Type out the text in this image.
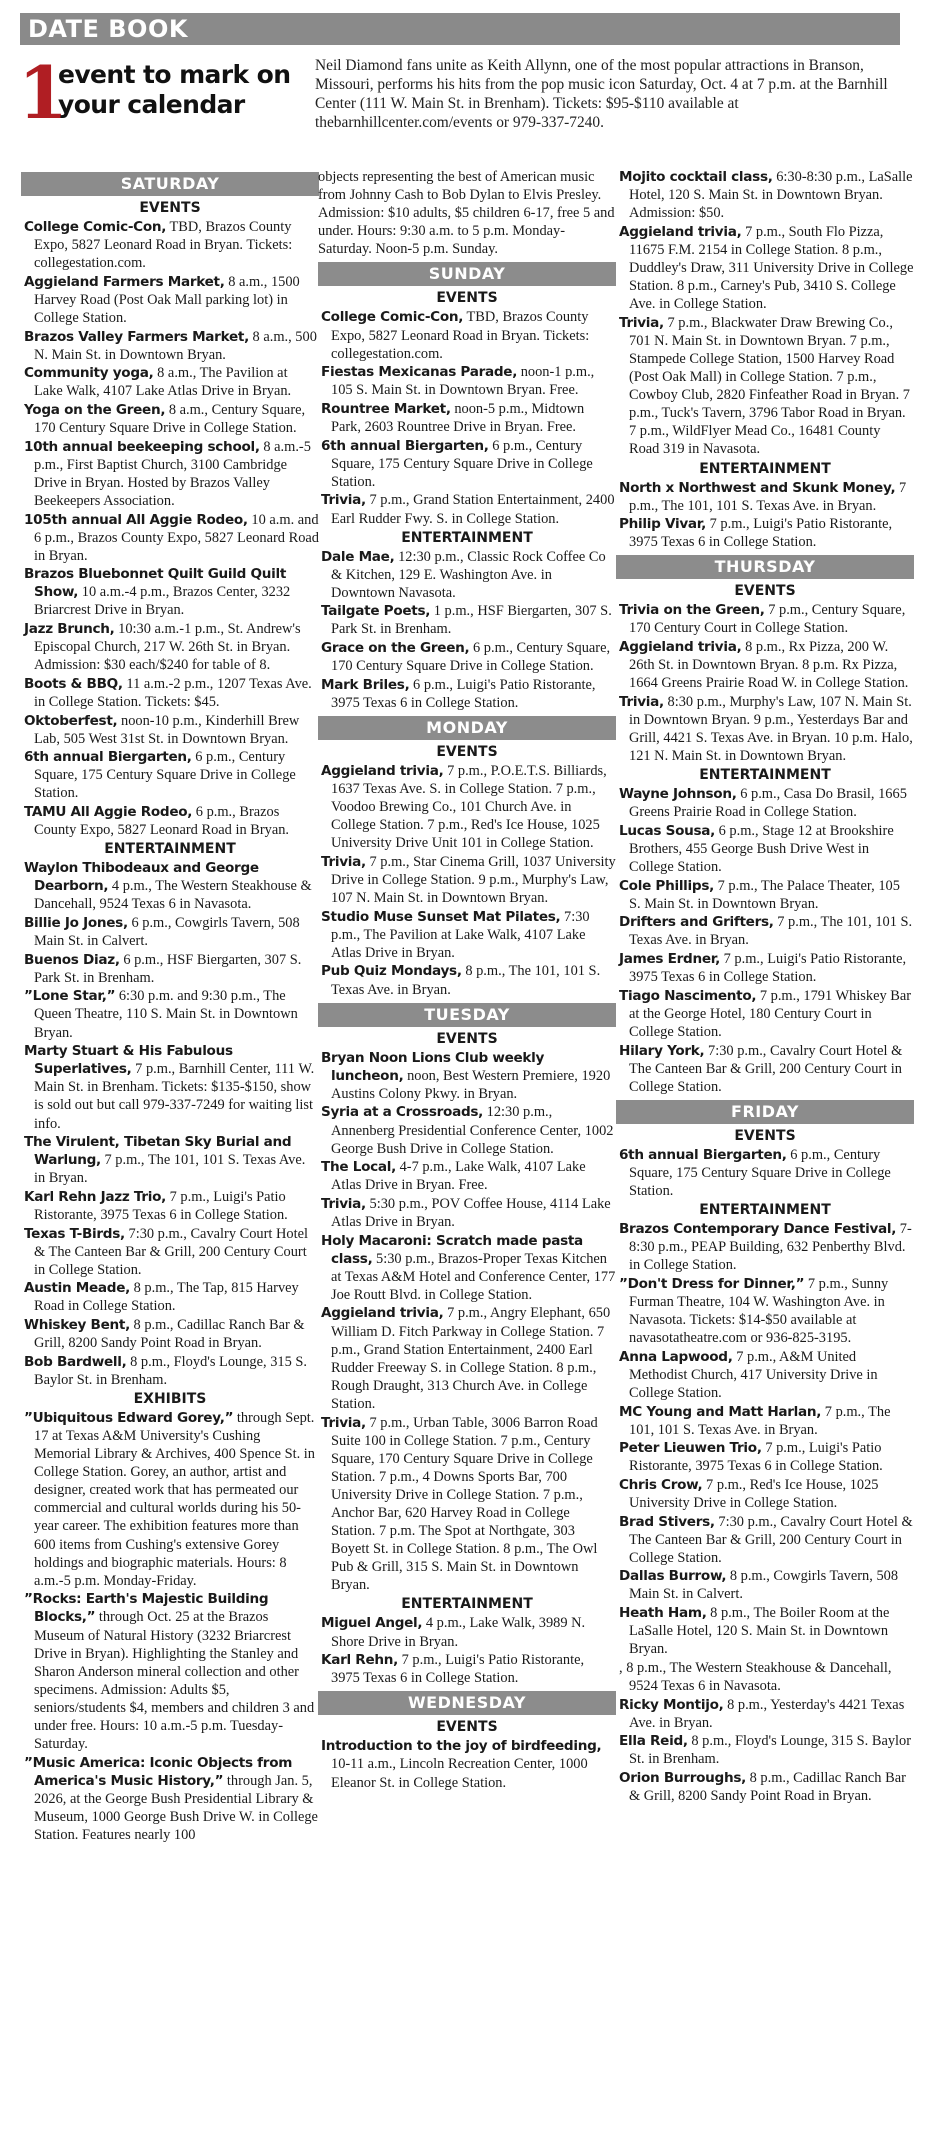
DATE BOOK
1
event to mark on
your calendar
Neil Diamond fans unite as Keith Allynn, one of the most popular attractions in Branson, Missouri, performs his hits from the pop music icon Saturday, Oct. 4 at 7 p.m. at the Barnhill Center (111 W. Main St. in Brenham). Tickets: $95-$110 available at thebarnhillcenter.com/events or 979-337-7240.
SATURDAY
EVENTS
College Comic-Con, TBD, Brazos County Expo, 5827 Leonard Road in Bryan. Tickets: collegestation.com.
Aggieland Farmers Market, 8 a.m., 1500 Harvey Road (Post Oak Mall parking lot) in College Station.
Brazos Valley Farmers Market, 8 a.m., 500 N. Main St. in Downtown Bryan.
Community yoga, 8 a.m., The Pavilion at Lake Walk, 4107 Lake Atlas Drive in Bryan.
Yoga on the Green, 8 a.m., Century Square, 170 Century Square Drive in College Station.
10th annual beekeeping school, 8 a.m.-5 p.m., First Baptist Church, 3100 Cambridge Drive in Bryan. Hosted by Brazos Valley Beekeepers Association.
105th annual All Aggie Rodeo, 10 a.m. and 6 p.m., Brazos County Expo, 5827 Leonard Road in Bryan.
Brazos Bluebonnet Quilt Guild Quilt Show, 10 a.m.-4 p.m., Brazos Center, 3232 Briarcrest Drive in Bryan.
Jazz Brunch, 10:30 a.m.-1 p.m., St. Andrew's Episcopal Church, 217 W. 26th St. in Bryan. Admission: $30 each/$240 for table of 8.
Boots & BBQ, 11 a.m.-2 p.m., 1207 Texas Ave. in College Station. Tickets: $45.
Oktoberfest, noon-10 p.m., Kinderhill Brew Lab, 505 West 31st St. in Downtown Bryan.
6th annual Biergarten, 6 p.m., Century Square, 175 Century Square Drive in College Station.
TAMU All Aggie Rodeo, 6 p.m., Brazos County Expo, 5827 Leonard Road in Bryan.
ENTERTAINMENT
Waylon Thibodeaux and George Dearborn, 4 p.m., The Western Steakhouse & Dancehall, 9524 Texas 6 in Navasota.
Billie Jo Jones, 6 p.m., Cowgirls Tavern, 508 Main St. in Calvert.
Buenos Diaz, 6 p.m., HSF Biergarten, 307 S. Park St. in Brenham.
”Lone Star,” 6:30 p.m. and 9:30 p.m., The Queen Theatre, 110 S. Main St. in Downtown Bryan.
Marty Stuart & His Fabulous Superlatives, 7 p.m., Barnhill Center, 111 W. Main St. in Brenham. Tickets: $135-$150, show is sold out but call 979-337-7249 for waiting list info.
The Virulent, Tibetan Sky Burial and Warlung, 7 p.m., The 101, 101 S. Texas Ave. in Bryan.
Karl Rehn Jazz Trio, 7 p.m., Luigi's Patio Ristorante, 3975 Texas 6 in College Station.
Texas T-Birds, 7:30 p.m., Cavalry Court Hotel & The Canteen Bar & Grill, 200 Century Court in College Station.
Austin Meade, 8 p.m., The Tap, 815 Harvey Road in College Station.
Whiskey Bent, 8 p.m., Cadillac Ranch Bar & Grill, 8200 Sandy Point Road in Bryan.
Bob Bardwell, 8 p.m., Floyd's Lounge, 315 S. Baylor St. in Brenham.
EXHIBITS
”Ubiquitous Edward Gorey,” through Sept. 17 at Texas A&M University's Cushing Memorial Library & Archives, 400 Spence St. in College Station. Gorey, an author, artist and designer, created work that has permeated our commercial and cultural worlds during his 50-year career. The exhibition features more than 600 items from Cushing's extensive Gorey holdings and biographic materials. Hours: 8 a.m.-5 p.m. Monday-Friday.
”Rocks: Earth's Majestic Building Blocks,” through Oct. 25 at the Brazos Museum of Natural History (3232 Briarcrest Drive in Bryan). Highlighting the Stanley and Sharon Anderson mineral collection and other specimens. Admission: Adults $5, seniors/students $4, members and children 3 and under free. Hours: 10 a.m.-5 p.m. Tuesday-Saturday.
”Music America: Iconic Objects from America's Music History,” through Jan. 5, 2026, at the George Bush Presidential Library & Museum, 1000 George Bush Drive W. in College Station. Features nearly 100
objects representing the best of American music from Johnny Cash to Bob Dylan to Elvis Presley. Admission: $10 adults, $5 children 6-17, free 5 and under. Hours: 9:30 a.m. to 5 p.m. Monday-Saturday. Noon-5 p.m. Sunday.
SUNDAY
EVENTS
College Comic-Con, TBD, Brazos County Expo, 5827 Leonard Road in Bryan. Tickets: collegestation.com.
Fiestas Mexicanas Parade, noon-1 p.m., 105 S. Main St. in Downtown Bryan. Free.
Rountree Market, noon-5 p.m., Midtown Park, 2603 Rountree Drive in Bryan. Free.
6th annual Biergarten, 6 p.m., Century Square, 175 Century Square Drive in College Station.
Trivia, 7 p.m., Grand Station Entertainment, 2400 Earl Rudder Fwy. S. in College Station.
ENTERTAINMENT
Dale Mae, 12:30 p.m., Classic Rock Coffee Co & Kitchen, 129 E. Washington Ave. in Downtown Navasota.
Tailgate Poets, 1 p.m., HSF Biergarten, 307 S. Park St. in Brenham.
Grace on the Green, 6 p.m., Century Square, 170 Century Square Drive in College Station.
Mark Briles, 6 p.m., Luigi's Patio Ristorante, 3975 Texas 6 in College Station.
MONDAY
EVENTS
Aggieland trivia, 7 p.m., P.O.E.T.S. Billiards, 1637 Texas Ave. S. in College Station. 7 p.m., Voodoo Brewing Co., 101 Church Ave. in College Station. 7 p.m., Red's Ice House, 1025 University Drive Unit 101 in College Station.
Trivia, 7 p.m., Star Cinema Grill, 1037 University Drive in College Station. 9 p.m., Murphy's Law, 107 N. Main St. in Downtown Bryan.
Studio Muse Sunset Mat Pilates, 7:30 p.m., The Pavilion at Lake Walk, 4107 Lake Atlas Drive in Bryan.
Pub Quiz Mondays, 8 p.m., The 101, 101 S. Texas Ave. in Bryan.
TUESDAY
EVENTS
Bryan Noon Lions Club weekly luncheon, noon, Best Western Premiere, 1920 Austins Colony Pkwy. in Bryan.
Syria at a Crossroads, 12:30 p.m., Annenberg Presidential Conference Center, 1002 George Bush Drive in College Station.
The Local, 4-7 p.m., Lake Walk, 4107 Lake Atlas Drive in Bryan. Free.
Trivia, 5:30 p.m., POV Coffee House, 4114 Lake Atlas Drive in Bryan.
Holy Macaroni: Scratch made pasta class, 5:30 p.m., Brazos-Proper Texas Kitchen at Texas A&M Hotel and Conference Center, 177 Joe Routt Blvd. in College Station.
Aggieland trivia, 7 p.m., Angry Elephant, 650 William D. Fitch Parkway in College Station. 7 p.m., Grand Station Entertainment, 2400 Earl Rudder Freeway S. in College Station. 8 p.m., Rough Draught, 313 Church Ave. in College Station.
Trivia, 7 p.m., Urban Table, 3006 Barron Road Suite 100 in College Station. 7 p.m., Century Square, 170 Century Square Drive in College Station. 7 p.m., 4 Downs Sports Bar, 700 University Drive in College Station. 7 p.m., Anchor Bar, 620 Harvey Road in College Station. 7 p.m. The Spot at Northgate, 303 Boyett St. in College Station. 8 p.m., The Owl Pub & Grill, 315 S. Main St. in Downtown Bryan.
ENTERTAINMENT
Miguel Angel, 4 p.m., Lake Walk, 3989 N. Shore Drive in Bryan.
Karl Rehn, 7 p.m., Luigi's Patio Ristorante, 3975 Texas 6 in College Station.
WEDNESDAY
EVENTS
Introduction to the joy of birdfeeding, 10-11 a.m., Lincoln Recreation Center, 1000 Eleanor St. in College Station.
Mojito cocktail class, 6:30-8:30 p.m., LaSalle Hotel, 120 S. Main St. in Downtown Bryan. Admission: $50.
Aggieland trivia, 7 p.m., South Flo Pizza, 11675 F.M. 2154 in College Station. 8 p.m., Duddley's Draw, 311 University Drive in College Station. 8 p.m., Carney's Pub, 3410 S. College Ave. in College Station.
Trivia, 7 p.m., Blackwater Draw Brewing Co., 701 N. Main St. in Downtown Bryan. 7 p.m., Stampede College Station, 1500 Harvey Road (Post Oak Mall) in College Station. 7 p.m., Cowboy Club, 2820 Finfeather Road in Bryan. 7 p.m., Tuck's Tavern, 3796 Tabor Road in Bryan. 7 p.m., WildFlyer Mead Co., 16481 County Road 319 in Navasota.
ENTERTAINMENT
North x Northwest and Skunk Money, 7 p.m., The 101, 101 S. Texas Ave. in Bryan.
Philip Vivar, 7 p.m., Luigi's Patio Ristorante, 3975 Texas 6 in College Station.
THURSDAY
EVENTS
Trivia on the Green, 7 p.m., Century Square, 170 Century Court in College Station.
Aggieland trivia, 8 p.m., Rx Pizza, 200 W. 26th St. in Downtown Bryan. 8 p.m. Rx Pizza, 1664 Greens Prairie Road W. in College Station.
Trivia, 8:30 p.m., Murphy's Law, 107 N. Main St. in Downtown Bryan. 9 p.m., Yesterdays Bar and Grill, 4421 S. Texas Ave. in Bryan. 10 p.m. Halo, 121 N. Main St. in Downtown Bryan.
ENTERTAINMENT
Wayne Johnson, 6 p.m., Casa Do Brasil, 1665 Greens Prairie Road in College Station.
Lucas Sousa, 6 p.m., Stage 12 at Brookshire Brothers, 455 George Bush Drive West in College Station.
Cole Phillips, 7 p.m., The Palace Theater, 105 S. Main St. in Downtown Bryan.
Drifters and Grifters, 7 p.m., The 101, 101 S. Texas Ave. in Bryan.
James Erdner, 7 p.m., Luigi's Patio Ristorante, 3975 Texas 6 in College Station.
Tiago Nascimento, 7 p.m., 1791 Whiskey Bar at the George Hotel, 180 Century Court in College Station.
Hilary York, 7:30 p.m., Cavalry Court Hotel & The Canteen Bar & Grill, 200 Century Court in College Station.
FRIDAY
EVENTS
6th annual Biergarten, 6 p.m., Century Square, 175 Century Square Drive in College Station.
ENTERTAINMENT
Brazos Contemporary Dance Festival, 7-8:30 p.m., PEAP Building, 632 Penberthy Blvd. in College Station.
”Don't Dress for Dinner,” 7 p.m., Sunny Furman Theatre, 104 W. Washington Ave. in Navasota. Tickets: $14-$50 available at navasotatheatre.com or 936-825-3195.
Anna Lapwood, 7 p.m., A&M United Methodist Church, 417 University Drive in College Station.
MC Young and Matt Harlan, 7 p.m., The 101, 101 S. Texas Ave. in Bryan.
Peter Lieuwen Trio, 7 p.m., Luigi's Patio Ristorante, 3975 Texas 6 in College Station.
Chris Crow, 7 p.m., Red's Ice House, 1025 University Drive in College Station.
Brad Stivers, 7:30 p.m., Cavalry Court Hotel & The Canteen Bar & Grill, 200 Century Court in College Station.
Dallas Burrow, 8 p.m., Cowgirls Tavern, 508 Main St. in Calvert.
Heath Ham, 8 p.m., The Boiler Room at the LaSalle Hotel, 120 S. Main St. in Downtown Bryan.
, 8 p.m., The Western Steakhouse & Dancehall, 9524 Texas 6 in Navasota.
Ricky Montijo, 8 p.m., Yesterday's 4421 Texas Ave. in Bryan.
Ella Reid, 8 p.m., Floyd's Lounge, 315 S. Baylor St. in Brenham.
Orion Burroughs, 8 p.m., Cadillac Ranch Bar & Grill, 8200 Sandy Point Road in Bryan.
